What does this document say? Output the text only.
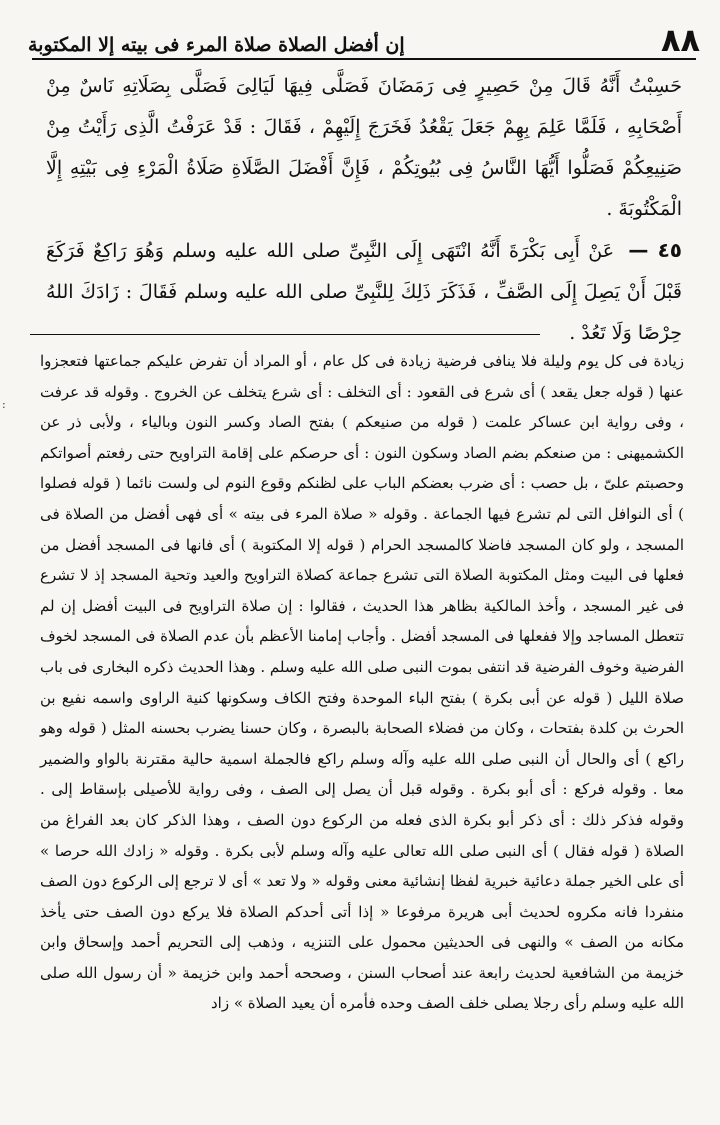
٨٨
إن أفضل الصلاة صلاة المرء فى بيته إلا المكتوبة

حَسِبْتُ أَنَّهُ قَالَ مِنْ حَصِيرٍ فِى رَمَضَانَ فَصَلَّى فِيهَا لَيَالِىَ فَصَلَّى بِصَلَاتِهِ نَاسٌ مِنْ أَصْحَابِهِ ، فَلَمَّا عَلِمَ بِهِمْ جَعَلَ يَقْعُدُ فَخَرَجَ إِلَيْهِمْ ، فَقَالَ : قَدْ عَرَفْتُ الَّذِى رَأَيْتُ مِنْ صَنِيعِكُمْ فَصَلُّوا أَيُّهَا النَّاسُ فِى بُيُوتِكُمْ ، فَإِنَّ أَفْضَلَ الصَّلَاةِ صَلَاةُ الْمَرْءِ فِى بَيْتِهِ إِلَّا الْمَكْتُوبَةَ .

٤٥ — عَنْ أَبِى بَكْرَةَ أَنَّهُ انْتَهَى إِلَى النَّبِىِّ صلى الله عليه وسلم وَهُوَ رَاكِعٌ فَرَكَعَ قَبْلَ أَنْ يَصِلَ إِلَى الصَّفِّ ، فَذَكَرَ ذَلِكَ لِلنَّبِىِّ صلى الله عليه وسلم فَقَالَ : زَادَكَ اللهُ حِرْصًا وَلَا تَعُدْ .

زيادة فى كل يوم وليلة فلا ينافى فرضية زيادة فى كل عام ، أو المراد أن تفرض عليكم جماعتها فتعجزوا عنها ( قوله جعل يقعد ) أى شرع فى القعود : أى التخلف : أى شرع يتخلف عن الخروج . وقوله قد عرفت ، وفى رواية ابن عساكر علمت ( قوله من صنيعكم ) بفتح الصاد وكسر النون وبالياء ، ولأبى ذر عن الكشميهنى : من صنعكم بضم الصاد وسكون النون : أى حرصكم على إقامة التراويح حتى رفعتم أصواتكم وحصبتم علىّ ، بل حصب : أى ضرب بعضكم الباب على لظنكم وقوع النوم لى ولست نائما ( قوله فصلوا ) أى النوافل التى لم تشرع فيها الجماعة . وقوله « صلاة المرء فى بيته » أى فهى أفضل من الصلاة فى المسجد ، ولو كان المسجد فاضلا كالمسجد الحرام ( قوله إلا المكتوبة ) أى فانها فى المسجد أفضل من فعلها فى البيت ومثل المكتوبة الصلاة التى تشرع جماعة كصلاة التراويح والعيد وتحية المسجد إذ لا تشرع فى غير المسجد ، وأخذ المالكية بظاهر هذا الحديث ، فقالوا : إن صلاة التراويح فى البيت أفضل إن لم تتعطل المساجد وإلا ففعلها فى المسجد أفضل . وأجاب إمامنا الأعظم بأن عدم الصلاة فى المسجد لخوف الفرضية وخوف الفرضية قد انتفى بموت النبى صلى الله عليه وسلم . وهذا الحديث ذكره البخارى فى باب صلاة الليل ( قوله عن أبى بكرة ) بفتح الباء الموحدة وفتح الكاف وسكونها كنية الراوى واسمه نفيع بن الحرث بن كلدة بفتحات ، وكان من فضلاء الصحابة بالبصرة ، وكان حسنا يضرب بحسنه المثل ( قوله وهو راكع ) أى والحال أن النبى صلى الله عليه وآله وسلم راكع فالجملة اسمية حالية مقترنة بالواو والضمير معا . وقوله فركع : أى أبو بكرة . وقوله قبل أن يصل إلى الصف ، وفى رواية للأصيلى بإسقاط إلى . وقوله فذكر ذلك : أى ذكر أبو بكرة الذى فعله من الركوع دون الصف ، وهذا الذكر كان بعد الفراغ من الصلاة ( قوله فقال ) أى النبى صلى الله تعالى عليه وآله وسلم لأبى بكرة . وقوله « زادك الله حرصا » أى على الخير جملة دعائية خبرية لفظا إنشائية معنى وقوله « ولا تعد » أى لا ترجع إلى الركوع دون الصف منفردا فانه مكروه لحديث أبى هريرة مرفوعا « إذا أتى أحدكم الصلاة فلا يركع دون الصف حتى يأخذ مكانه من الصف » والنهى فى الحديثين محمول على التنزيه ، وذهب إلى التحريم أحمد وإسحاق وابن خزيمة من الشافعية لحديث رابعة عند أصحاب السنن ، وصححه أحمد وابن خزيمة « أن رسول الله صلى الله عليه وسلم رأى رجلا يصلى خلف الصف وحده فأمره أن يعيد الصلاة » زاد

:
